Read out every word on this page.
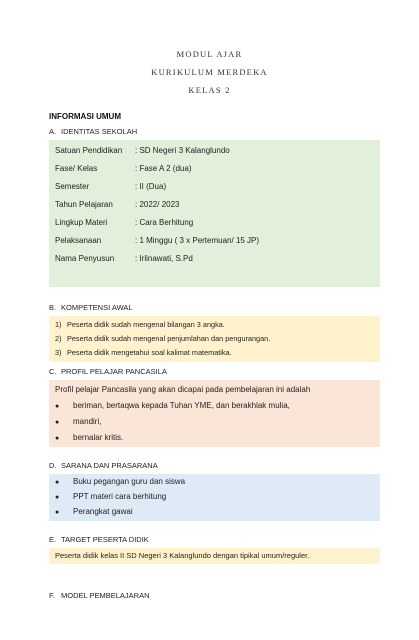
MODUL AJAR
KURIKULUM MERDEKA
KELAS 2
INFORMASI UMUM
A. IDENTITAS SEKOLAH
Satuan Pendidikan	: SD Negeri 3 Kalanglundo
Fase/ Kelas	: Fase A 2 (dua)
Semester	: II (Dua)
Tahun Pelajaran	: 2022/ 2023
Lingkup Materi	: Cara Berhitung
Pelaksanaan	: 1 Minggu ( 3 x Pertemuan/ 15 JP)
Nama Penyusun	: Irlinawati, S.Pd
B. KOMPETENSI AWAL
1) Peserta didik sudah mengenal bilangan 3 angka.
2) Peserta didik sudah mengenal penjumlahan dan pengurangan.
3) Peserta didik mengetahui soal kalimat matematika.
C. PROFIL PELAJAR PANCASILA
Profil pelajar Pancasila yang akan dicapai pada pembelajaran ini adalah
● beriman, bertaqwa kepada Tuhan YME, dan berakhlak mulia,
● mandiri,
● bernalar kritis.
D. SARANA DAN PRASARANA
● Buku pegangan guru dan siswa
● PPT materi cara berhitung
● Perangkat gawai
E. TARGET PESERTA DIDIK
Peserta didik kelas II SD Negeri 3 Kalanglundo dengan tipikal umum/reguler.
F. MODEL PEMBELAJARAN
